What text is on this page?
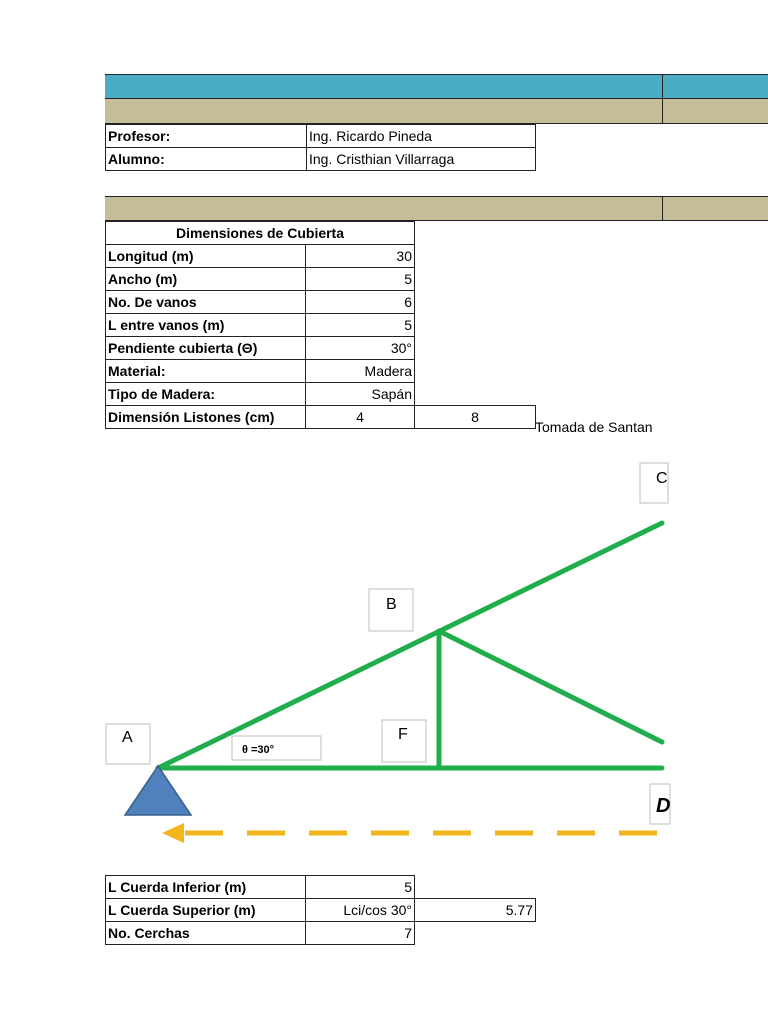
Profesor:	Ing. Ricardo Pineda
Alumno:	Ing. Cristhian Villarraga
Dimensiones de Cubierta		
Longitud (m)	30	
Ancho (m)	5	
No. De vanos	6	
L entre vanos (m)	5	
Pendiente cubierta (Θ)	30°	
Material:	Madera	
Tipo de Madera:	Sapán	
Dimensión Listones (cm)	4	8
Tomada de Santan
C
B
A	F
θ =30°
D
L Cuerda Inferior (m)	5	
L Cuerda Superior (m)	Lci/cos 30°	5.77
No. Cerchas	7	
